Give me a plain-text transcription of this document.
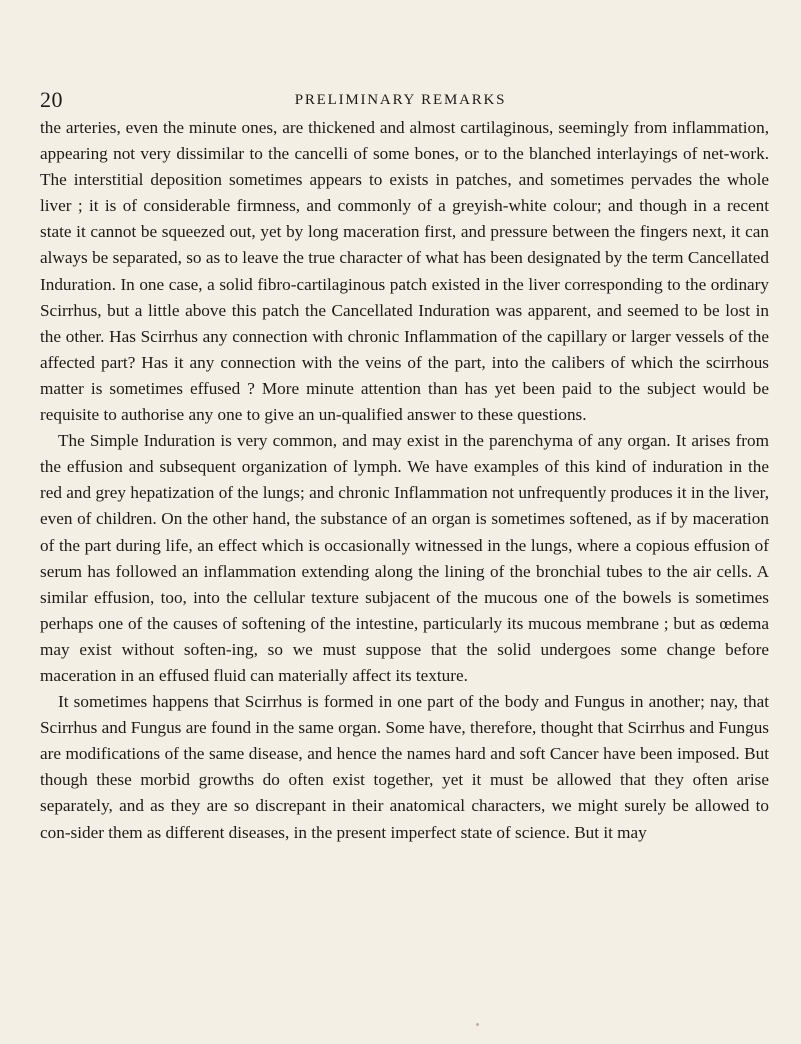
20	PRELIMINARY REMARKS

the arteries, even the minute ones, are thickened and almost cartilaginous, seemingly from inflammation, appearing not very dissimilar to the cancelli of some bones, or to the blanched interlayings of net-work. The interstitial deposition sometimes appears to exists in patches, and sometimes pervades the whole liver ; it is of considerable firmness, and commonly of a greyish-white colour; and though in a recent state it cannot be squeezed out, yet by long maceration first, and pressure between the fingers next, it can always be separated, so as to leave the true character of what has been designated by the term Cancellated Induration. In one case, a solid fibro-cartilaginous patch existed in the liver corresponding to the ordinary Scirrhus, but a little above this patch the Cancellated Induration was apparent, and seemed to be lost in the other. Has Scirrhus any connection with chronic Inflammation of the capillary or larger vessels of the affected part? Has it any connection with the veins of the part, into the calibers of which the scirrhous matter is sometimes effused ? More minute attention than has yet been paid to the subject would be requisite to authorise any one to give an un-qualified answer to these questions.

The Simple Induration is very common, and may exist in the parenchyma of any organ. It arises from the effusion and subsequent organization of lymph. We have examples of this kind of induration in the red and grey hepatization of the lungs; and chronic Inflammation not unfrequently produces it in the liver, even of children. On the other hand, the substance of an organ is sometimes softened, as if by maceration of the part during life, an effect which is occasionally witnessed in the lungs, where a copious effusion of serum has followed an inflammation extending along the lining of the bronchial tubes to the air cells. A similar effusion, too, into the cellular texture subjacent of the mucous one of the bowels is sometimes perhaps one of the causes of softening of the intestine, particularly its mucous membrane ; but as œdema may exist without soften-ing, so we must suppose that the solid undergoes some change before maceration in an effused fluid can materially affect its texture.

It sometimes happens that Scirrhus is formed in one part of the body and Fungus in another; nay, that Scirrhus and Fungus are found in the same organ. Some have, therefore, thought that Scirrhus and Fungus are modifications of the same disease, and hence the names hard and soft Cancer have been imposed. But though these morbid growths do often exist together, yet it must be allowed that they often arise separately, and as they are so discrepant in their anatomical characters, we might surely be allowed to con-sider them as different diseases, in the present imperfect state of science. But it may
